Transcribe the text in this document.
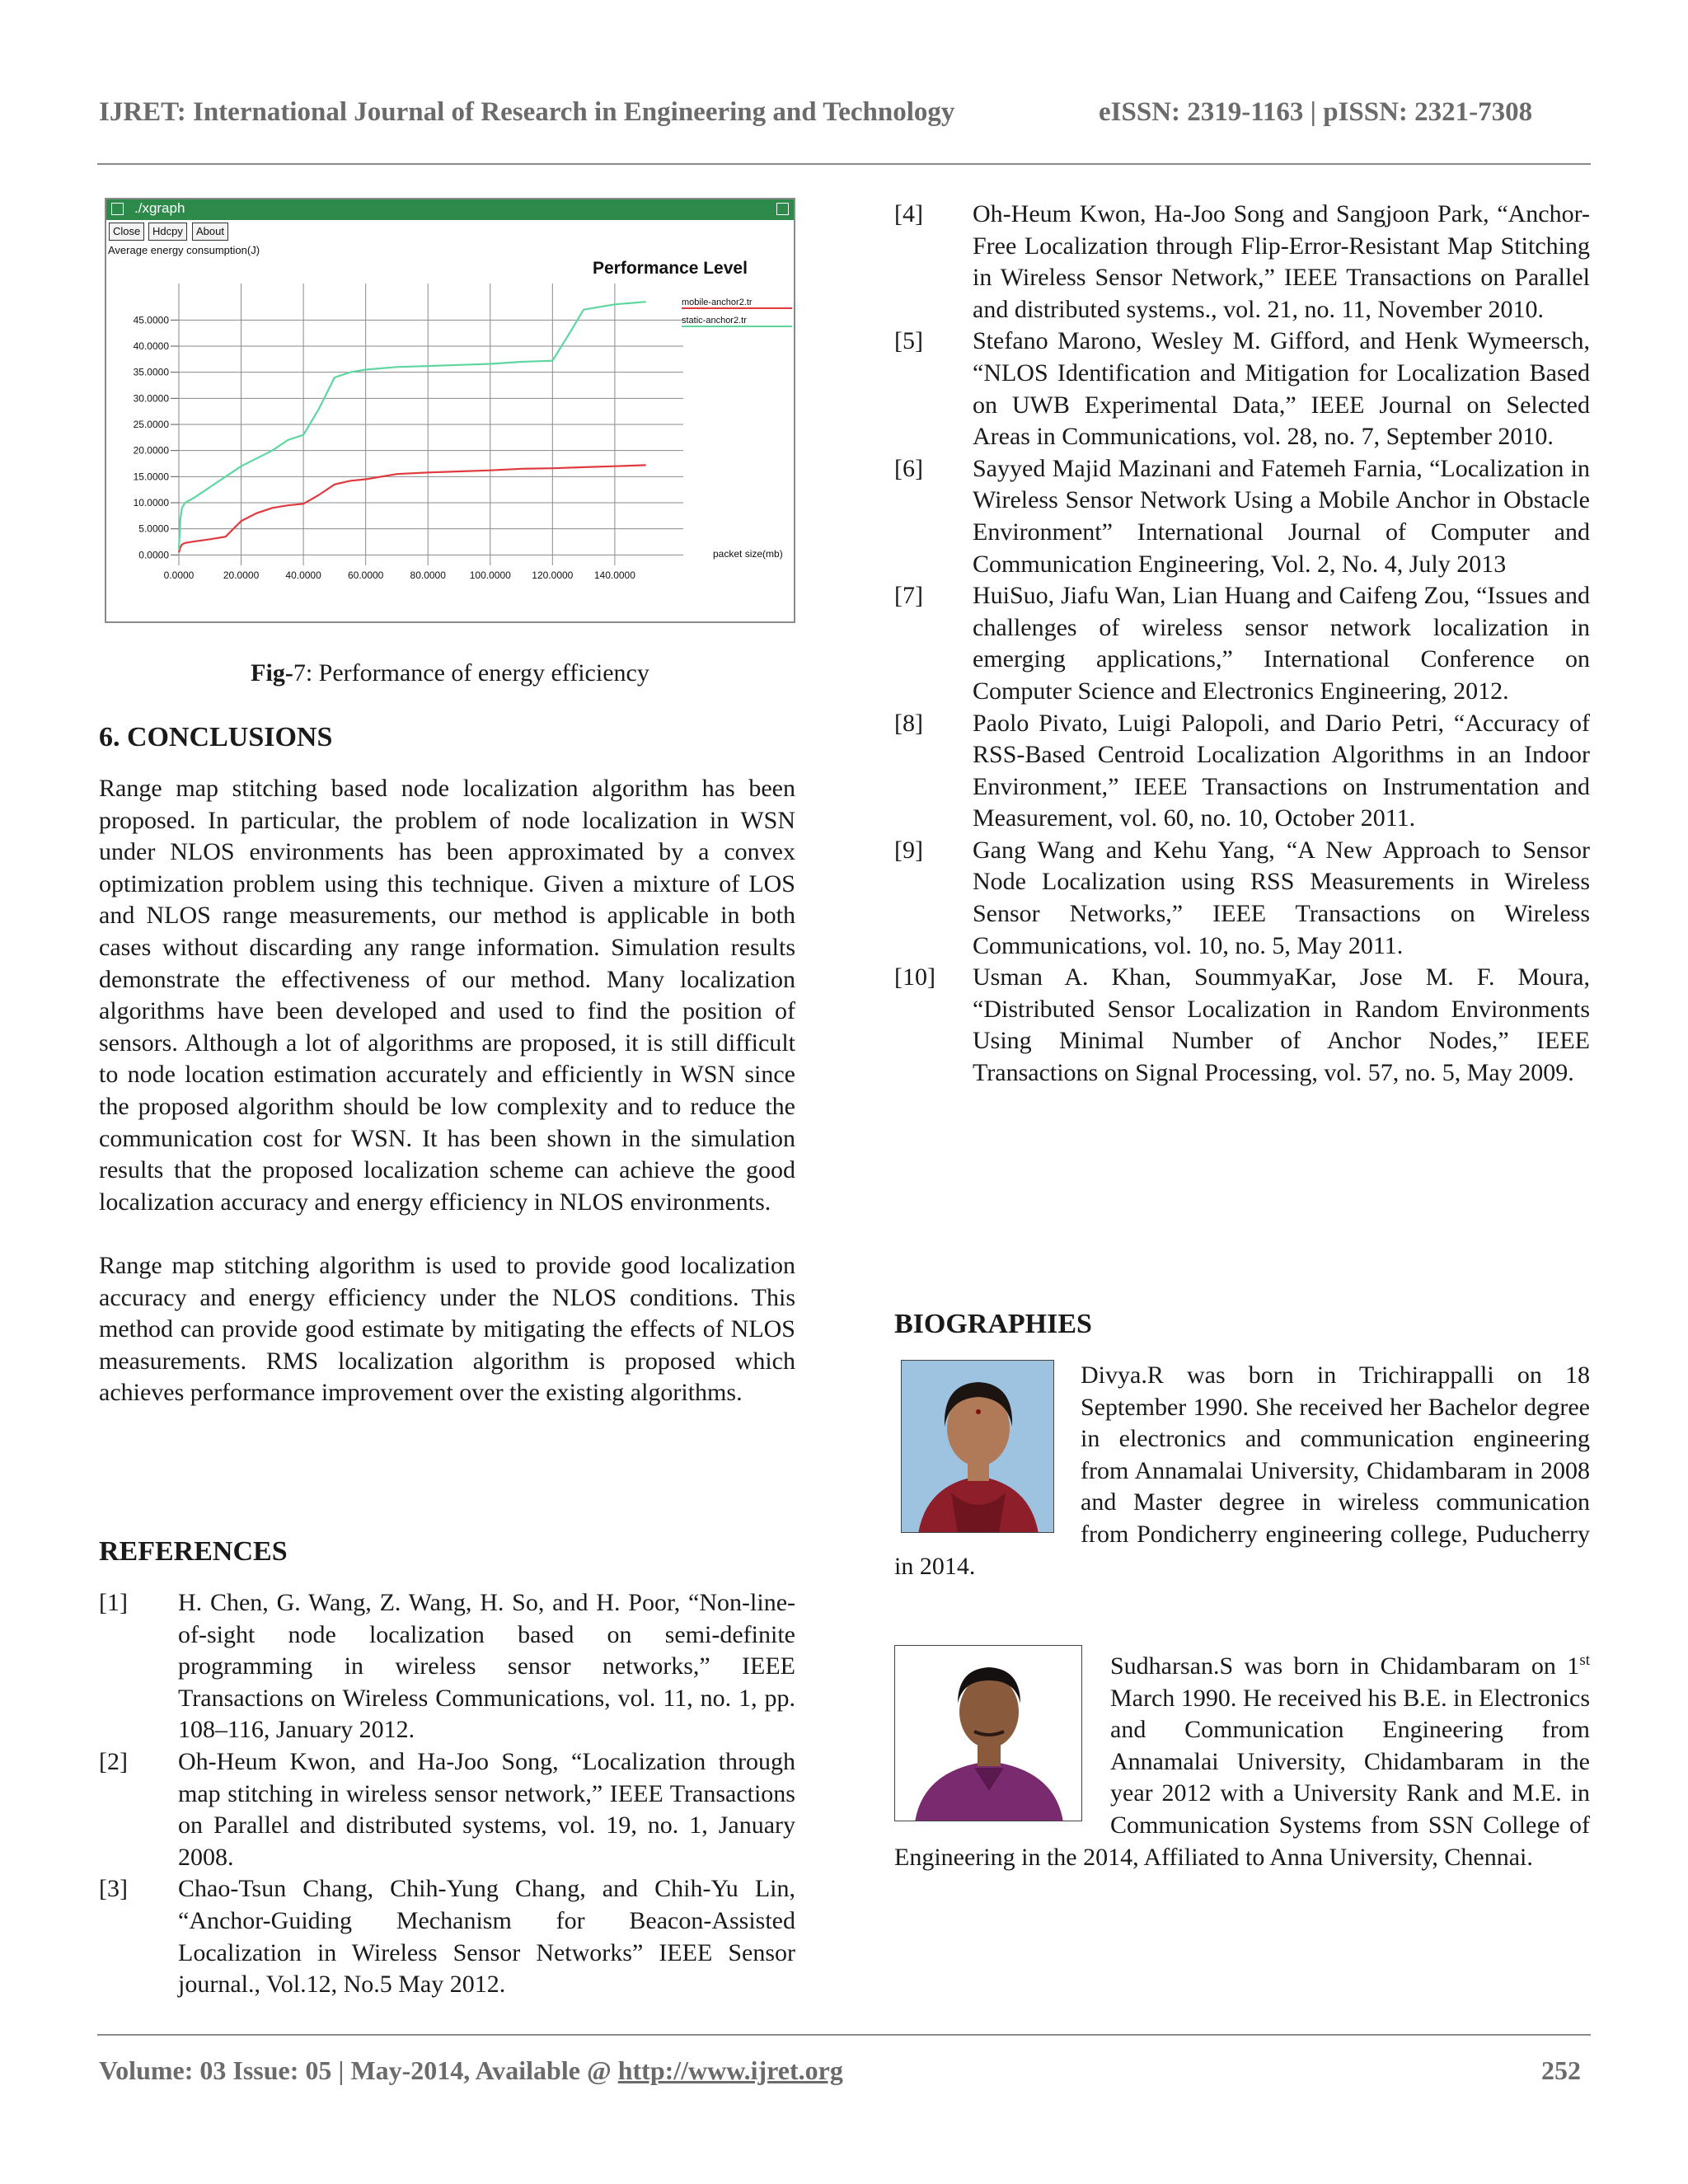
IJRET: International Journal of Research in Engineering and Technology	eISSN: 2319-1163 | pISSN: 2321-7308
./xgraph
Close	Hdcpy	About
Average energy consumption(J)
Performance Level
0.0000
5.0000
10.0000
15.0000
20.0000
25.0000
30.0000
35.0000
40.0000
45.0000
0.0000	20.0000	40.0000	60.0000	80.0000 100.0000 120.0000 140.0000
packet size(mb)
mobile-anchor2.tr
static-anchor2.tr
Fig-7: Performance of energy efficiency
6. CONCLUSIONS

Range map stitching based node localization algorithm has been proposed. In particular, the problem of node localization in WSN under NLOS environments has been approximated by a convex optimization problem using this technique. Given a mixture of LOS and NLOS range measurements, our method is applicable in both cases without discarding any range information. Simulation results demonstrate the effectiveness of our method. Many localization algorithms have been developed and used to find the position of sensors. Although a lot of algorithms are proposed, it is still difficult to node location estimation accurately and efficiently in WSN since the proposed algorithm should be low complexity and to reduce the communication cost for WSN. It has been shown in the simulation results that the proposed localization scheme can achieve the good localization accuracy and energy efficiency in NLOS environments.

Range map stitching algorithm is used to provide good localization accuracy and energy efficiency under the NLOS conditions. This method can provide good estimate by mitigating the effects of NLOS measurements. RMS localization algorithm is proposed which achieves performance improvement over the existing algorithms.

REFERENCES
[1] H. Chen, G. Wang, Z. Wang, H. So, and H. Poor, “Non-line-of-sight node localization based on semi-definite programming in wireless sensor networks,” IEEE Transactions on Wireless Communications, vol. 11, no. 1, pp. 108–116, January 2012.
[2] Oh-Heum Kwon, and Ha-Joo Song, “Localization through map stitching in wireless sensor network,” IEEE Transactions on Parallel and distributed systems, vol. 19, no. 1, January 2008.
[3] Chao-Tsun Chang, Chih-Yung Chang, and Chih-Yu Lin, “Anchor-Guiding Mechanism for Beacon-Assisted Localization in Wireless Sensor Networks” IEEE Sensor journal., Vol.12, No.5 May 2012.
[4] Oh-Heum Kwon, Ha-Joo Song and Sangjoon Park, “Anchor-Free Localization through Flip-Error-Resistant Map Stitching in Wireless Sensor Network,” IEEE Transactions on Parallel and distributed systems., vol. 21, no. 11, November 2010.
[5] Stefano Marono, Wesley M. Gifford, and Henk Wymeersch, “NLOS Identification and Mitigation for Localization Based on UWB Experimental Data,” IEEE Journal on Selected Areas in Communications, vol. 28, no. 7, September 2010.
[6] Sayyed Majid Mazinani and Fatemeh Farnia, “Localization in Wireless Sensor Network Using a Mobile Anchor in Obstacle Environment” International Journal of Computer and Communication Engineering, Vol. 2, No. 4, July 2013
[7] HuiSuo, Jiafu Wan, Lian Huang and Caifeng Zou, “Issues and challenges of wireless sensor network localization in emerging applications,” International Conference on Computer Science and Electronics Engineering, 2012.
[8] Paolo Pivato, Luigi Palopoli, and Dario Petri, “Accuracy of RSS-Based Centroid Localization Algorithms in an Indoor Environment,” IEEE Transactions on Instrumentation and Measurement, vol. 60, no. 10, October 2011.
[9] Gang Wang and Kehu Yang, “A New Approach to Sensor Node Localization using RSS Measurements in Wireless Sensor Networks,” IEEE Transactions on Wireless Communications, vol. 10, no. 5, May 2011.
[10] Usman A. Khan, SoummyaKar, Jose M. F. Moura, “Distributed Sensor Localization in Random Environments Using Minimal Number of Anchor Nodes,” IEEE Transactions on Signal Processing, vol. 57, no. 5, May 2009.
BIOGRAPHIES

Divya.R was born in Trichirappalli on 18 September 1990. She received her Bachelor degree in electronics and communication engineering from Annamalai University, Chidambaram in 2008 and Master degree in wireless communication from Pondicherry engineering college, Puducherry in 2014.

Sudharsan.S was born in Chidambaram on 1st March 1990. He received his B.E. in Electronics and Communication Engineering from Annamalai University, Chidambaram in the year 2012 with a University Rank and M.E. in Communication Systems from SSN College of Engineering in the 2014, Affiliated to Anna University, Chennai.

Volume: 03 Issue: 05 | May-2014, Available @ http://www.ijret.org	252
